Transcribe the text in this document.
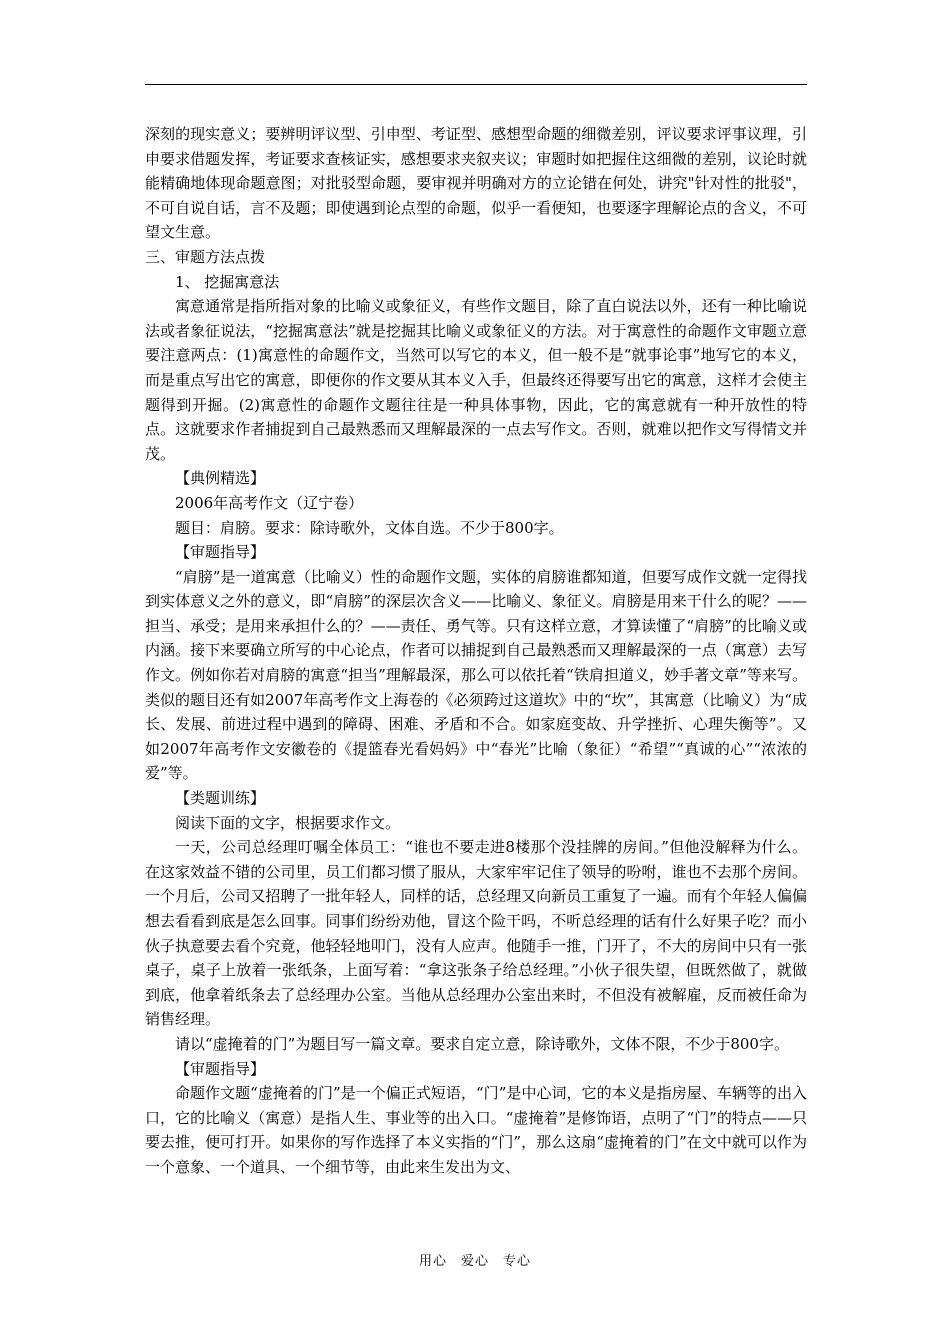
深刻的现实意义；要辨明评议型、引申型、考证型、感想型命题的细微差别，评议要求评事议理，引申要求借题发挥，考证要求查核证实，感想要求夹叙夹议；审题时如把握住这细微的差别，议论时就能精确地体现命题意图；对批驳型命题，要审视并明确对方的立论错在何处，讲究"针对性的批驳"，不可自说自话，言不及题；即使遇到论点型的命题，似乎一看便知，也要逐字理解论点的含义，不可望文生意。

三、审题方法点拨

1、 挖掘寓意法

寓意通常是指所指对象的比喻义或象征义，有些作文题目，除了直白说法以外，还有一种比喻说法或者象征说法，“挖掘寓意法”就是挖掘其比喻义或象征义的方法。对于寓意性的命题作文审题立意要注意两点：(1)寓意性的命题作文，当然可以写它的本义，但一般不是“就事论事”地写它的本义，而是重点写出它的寓意，即便你的作文要从其本义入手，但最终还得要写出它的寓意，这样才会使主题得到开掘。(2)寓意性的命题作文题往往是一种具体事物，因此，它的寓意就有一种开放性的特点。这就要求作者捕捉到自己最熟悉而又理解最深的一点去写作文。否则，就难以把作文写得情文并茂。

【典例精选】

2006年高考作文（辽宁卷）

题目：肩膀。要求：除诗歌外，文体自选。不少于800字。

【审题指导】

“肩膀”是一道寓意（比喻义）性的命题作文题，实体的肩膀谁都知道，但要写成作文就一定得找到实体意义之外的意义，即“肩膀”的深层次含义——比喻义、象征义。肩膀是用来干什么的呢？——担当、承受；是用来承担什么的？——责任、勇气等。只有这样立意，才算读懂了“肩膀”的比喻义或内涵。接下来要确立所写的中心论点，作者可以捕捉到自己最熟悉而又理解最深的一点（寓意）去写作文。例如你若对肩膀的寓意“担当”理解最深，那么可以依托着“铁肩担道义，妙手著文章”等来写。类似的题目还有如2007年高考作文上海卷的《必须跨过这道坎》中的“坎”，其寓意（比喻义）为“成长、发展、前进过程中遇到的障碍、困难、矛盾和不合。如家庭变故、升学挫折、心理失衡等”。又如2007年高考作文安徽卷的《提篮春光看妈妈》中“春光”比喻（象征）“希望”“真诚的心”“浓浓的爱”等。

【类题训练】

阅读下面的文字，根据要求作文。

一天，公司总经理叮嘱全体员工：“谁也不要走进8楼那个没挂牌的房间。”但他没解释为什么。在这家效益不错的公司里，员工们都习惯了服从，大家牢牢记住了领导的吩咐，谁也不去那个房间。一个月后，公司又招聘了一批年轻人，同样的话，总经理又向新员工重复了一遍。而有个年轻人偏偏想去看看到底是怎么回事。同事们纷纷劝他，冒这个险干吗，不听总经理的话有什么好果子吃？而小伙子执意要去看个究竟，他轻轻地叩门，没有人应声。他随手一推，门开了，不大的房间中只有一张桌子，桌子上放着一张纸条，上面写着：“拿这张条子给总经理。”小伙子很失望，但既然做了，就做到底，他拿着纸条去了总经理办公室。当他从总经理办公室出来时，不但没有被解雇，反而被任命为销售经理。

请以“虚掩着的门”为题目写一篇文章。要求自定立意，除诗歌外，文体不限，不少于800字。

【审题指导】

命题作文题“虚掩着的门”是一个偏正式短语，“门”是中心词，它的本义是指房屋、车辆等的出入口，它的比喻义（寓意）是指人生、事业等的出入口。“虚掩着”是修饰语，点明了“门”的特点——只要去推，便可打开。如果你的写作选择了本义实指的“门”，那么这扇“虚掩着的门”在文中就可以作为一个意象、一个道具、一个细节等，由此来生发出为文、

用心　爱心　专心
